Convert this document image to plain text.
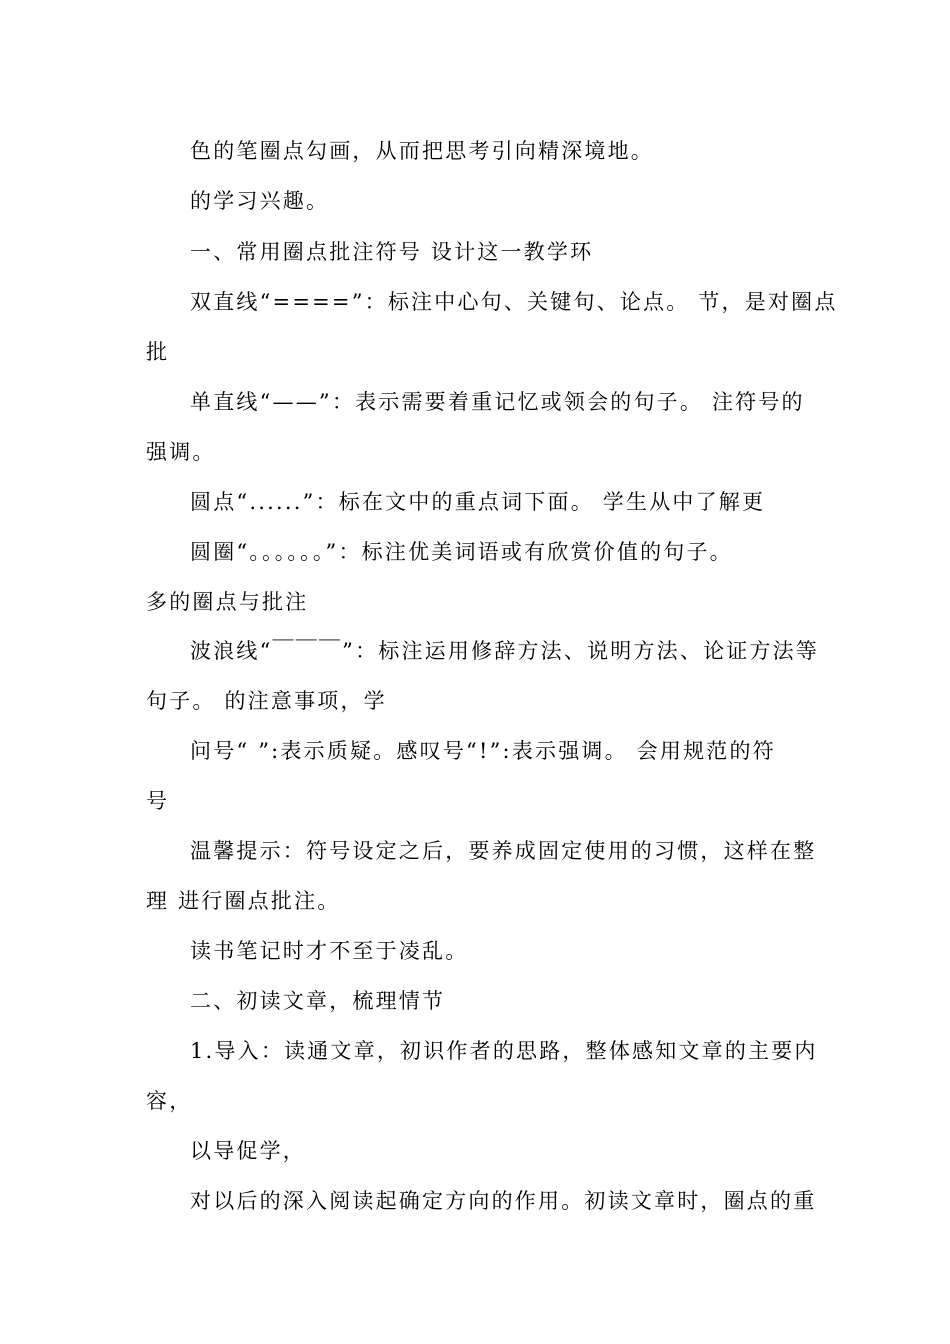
色的笔圈点勾画，从而把思考引向精深境地。
的学习兴趣。
一、常用圈点批注符号 设计这一教学环
双直线“====”：标注中心句、关键句、论点。 节，是对圈点
批
单直线“——”：表示需要着重记忆或领会的句子。 注符号的
强调。
圆点“......”：标在文中的重点词下面。 学生从中了解更
圆圈“。。。。。。”：标注优美词语或有欣赏价值的句子。
多的圈点与批注
波浪线“￣￣￣”：标注运用修辞方法、说明方法、论证方法等
句子。 的注意事项，学
问号“ ”:表示质疑。感叹号“!”:表示强调。 会用规范的符
号
温馨提示：符号设定之后，要养成固定使用的习惯，这样在整
理 进行圈点批注。
读书笔记时才不至于凌乱。
二、初读文章，梳理情节
1.导入：读通文章，初识作者的思路，整体感知文章的主要内
容，
以导促学，
对以后的深入阅读起确定方向的作用。初读文章时，圈点的重
